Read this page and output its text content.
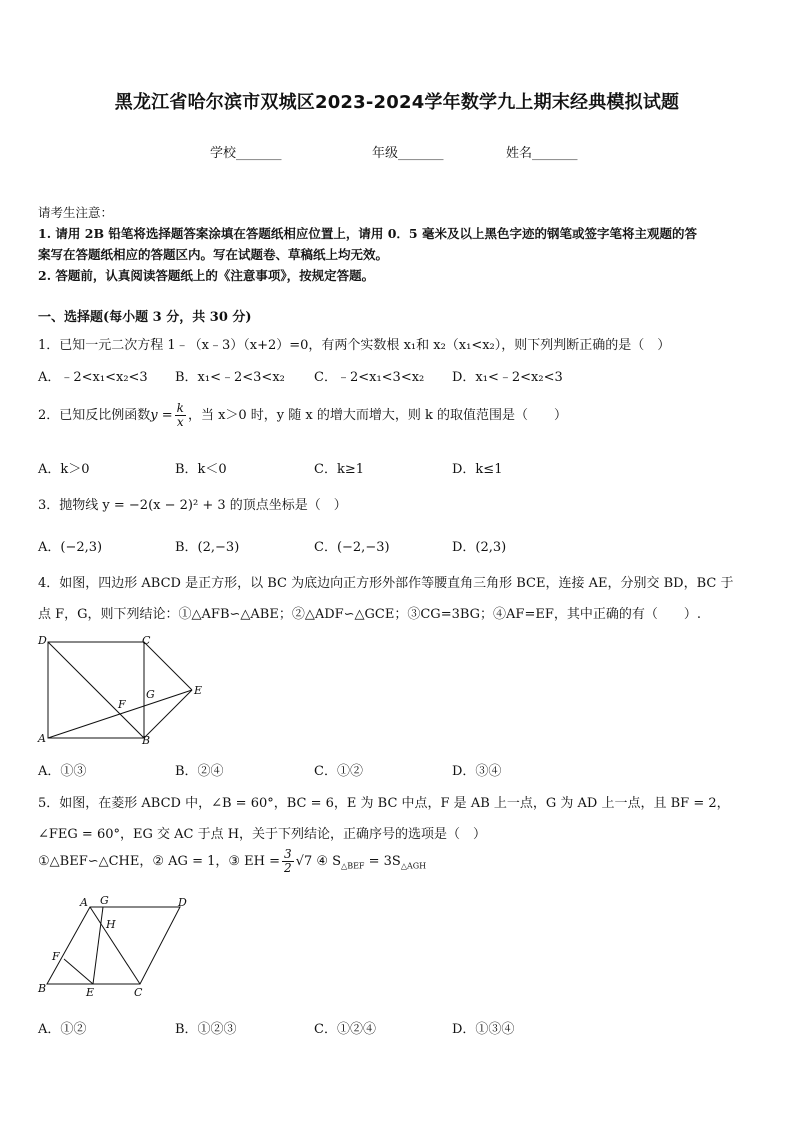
黑龙江省哈尔滨市双城区2023-2024学年数学九上期末经典模拟试题
学校_______	年级_______	姓名_______
请考生注意：
1. 请用 2B 铅笔将选择题答案涂填在答题纸相应位置上，请用 0．5 毫米及以上黑色字迹的钢笔或签字笔将主观题的答
案写在答题纸相应的答题区内。写在试题卷、草稿纸上均无效。
2. 答题前，认真阅读答题纸上的《注意事项》，按规定答题。
一、选择题(每小题 3 分，共 30 分)
1．已知一元二次方程 1﹣（x﹣3）（x+2）=0，有两个实数根 x₁和 x₂（x₁<x₂），则下列判断正确的是（　）
A．﹣2<x₁<x₂<3 B．x₁<﹣2<3<x₂ C．﹣2<x₁<3<x₂ D．x₁<﹣2<x₂<3
2．已知反比例函数$y = \frac{k}{x}$ ，当 x＞0 时，y 随 x 的增大而增大，则 k 的取值范围是（　　）
A．k＞0	B．k＜0	C．k≥1	D．k≤1
3．抛物线 y = −2(x − 2)² + 3 的顶点坐标是（　）
A．(−2,3)	B．(2,−3)	C．(−2,−3)	D．(2,3)
4．如图，四边形 ABCD 是正方形，以 BC 为底边向正方形外部作等腰直角三角形 BCE，连接 AE，分别交 BD，BC 于
点 F，G，则下列结论：①△AFB∽△ABE；②△ADF∽△GCE；③CG=3BG；④AF=EF，其中正确的有（　　）.
D	C
A	B
E
F
G
A．①③	B．②④	C．①②	D．③④
5．如图，在菱形 ABCD 中，∠B = 60°，BC = 6，E 为 BC 中点，F 是 AB 上一点，G 为 AD 上一点，且 BF = 2，
∠FEG = 60°，EG 交 AC 于点 H，关于下列结论，正确序号的选项是（　）
①△BEF∽△CHE，② AG = 1，③ EH = $\frac{3}{2} √7$ ④ $S_{\triangle BEF} = 3S_{\triangle AGH}$
A G	D
H
F
B	E	C
A．①②	B．①②③	C．①②④	D．①③④
